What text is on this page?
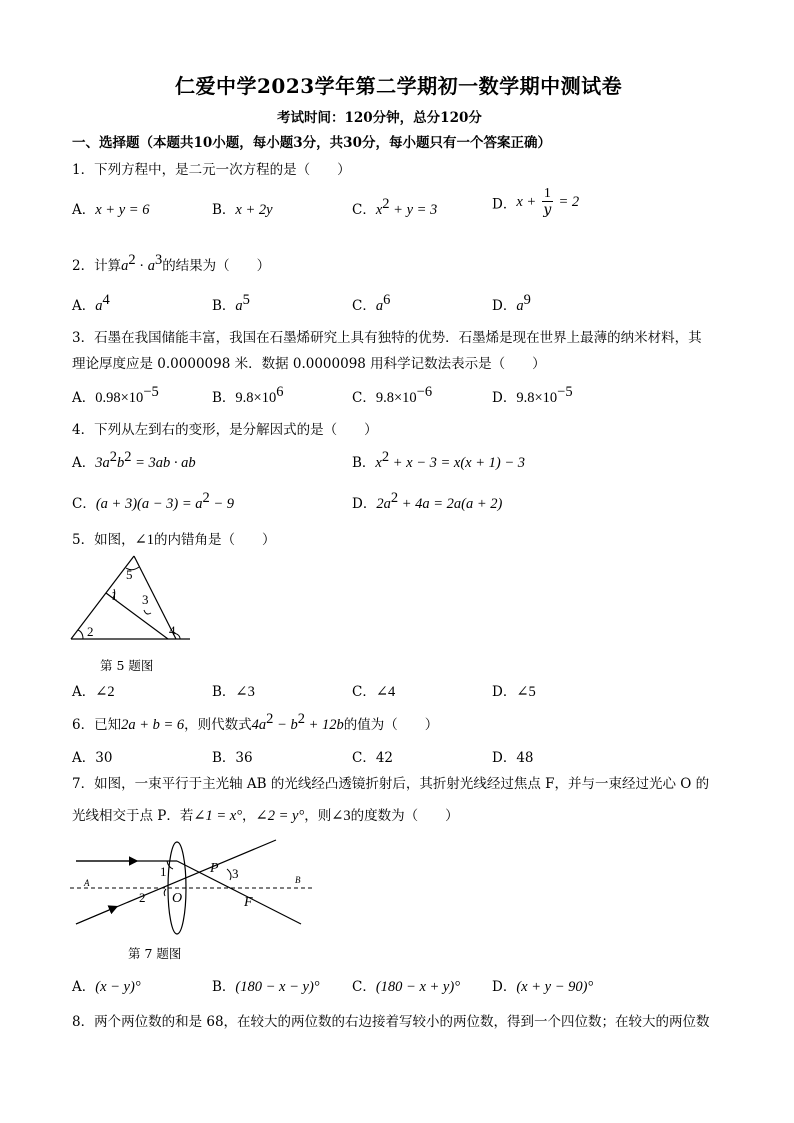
仁爱中学2023学年第二学期初一数学期中测试卷
考试时间：120分钟，总分120分
一、选择题（本题共10小题，每小题3分，共30分，每小题只有一个答案正确）
1．下列方程中，是二元一次方程的是（　　）
A．x + y = 6	B．x + 2y	C．$x^2 + y = 3$	D．$x + \frac{1}{y} = 2$
2．计算$a^2 \cdot a^3$的结果为（　　）
A．$a^4$	B．$a^5$	C．$a^6$	D．$a^9$
3．石墨在我国储能丰富，我国在石墨烯研究上具有独特的优势．石墨烯是现在世界上最薄的纳米材料，其
理论厚度应是 0.0000098 米．数据 0.0000098 用科学记数法表示是（　　）
A．$0.98\times 10^{-5}$	B．$9.8\times 10^6$	C．$9.8\times 10^{-6}$	D．$9.8\times 10^{-5}$
4．下列从左到右的变形，是分解因式的是（　　）
A．$3a^2b^2 = 3ab$ · ab	B．$x^2 + x - 3 = x(x + 1) - 3$
C．$(a + 3)(a - 3) = a^2 - 9$	D．$2a^2 + 4a = 2a(a + 2)$
5．如图，∠1的内错角是（　　）
5
1 3
2	4
第 5 题图
A．∠2	B．∠3	C．∠4	D．∠5
6．已知2a + b = 6，则代数式$4a^2 - b^2 + 12b$的值为（　　）
A．30	B．36	C．42	D．48
7．如图，一束平行于主光轴 AB 的光线经凸透镜折射后，其折射光线经过焦点 F，并与一束经过光心 O 的
光线相交于点 P．若∠1 = x°，∠2 = y°，则∠3的度数为（　　）
1	P 3
A	B
2 O	F
第 7 题图
A．(x − y)°	B．(180 − x − y)° C．(180 − x + y)° D．(x + y − 90)°
8．两个两位数的和是 68，在较大的两位数的右边接着写较小的两位数，得到一个四位数；在较大的两位数
